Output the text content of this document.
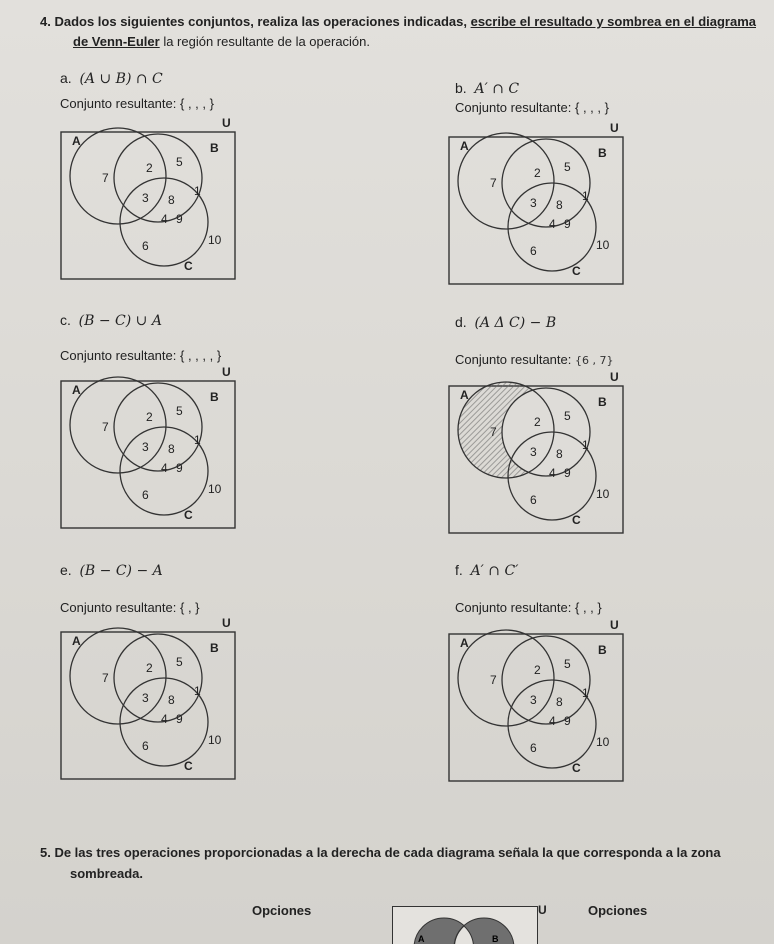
4. Dados los siguientes conjuntos, realiza las operaciones indicadas, escribe el resultado y sombrea en el diagrama
de Venn-Euler la región resultante de la operación.
a. (A ∪ B) ∩ C
Conjunto resultante: { , , , }
b. A′ ∩ C
Conjunto resultante: { , , , }
c. (B − C) ∪ A
Conjunto resultante: { , , , , }
d. (A Δ C) − B
Conjunto resultante: {6 , 7}
e. (B − C) − A
Conjunto resultante: { , }
f. A′ ∩ C′
Conjunto resultante: { , , }
U
A	B
C
7
2 5
3 8
1
4 9
6	10
U
A	B
C
7
2 5
3 8
1
4 9
6	10
U
A	B
C
7
2 5
3 8
1
4 9
6	10
U
A	B
C
7
2 5
3 8
1
4 9
6	10
U
A	B
C
7
2 5
3 8
1
4 9
6	10
U
A	B
C
7
2 5
3 8
1
4 9
6	10
5. De las tres operaciones proporcionadas a la derecha de cada diagrama señala la que corresponda a la zona
sombreada.
Opciones	Opciones
U
A	B
